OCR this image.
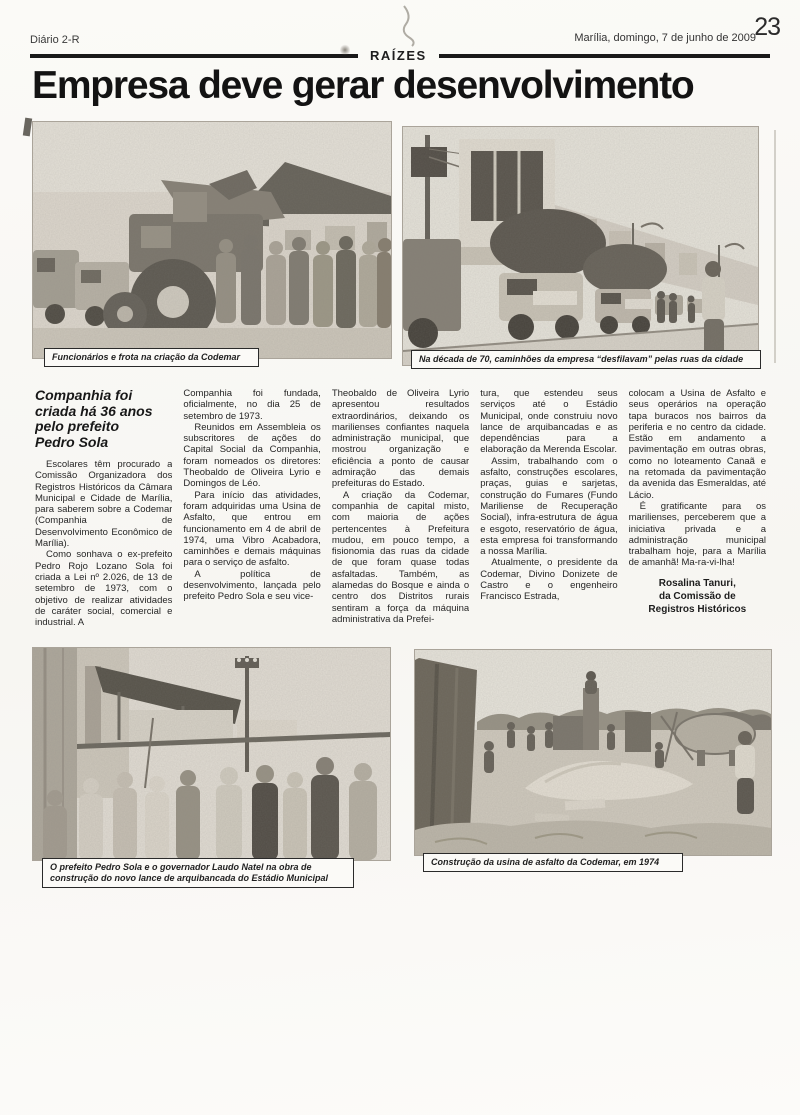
Diário 2-R	Marília, domingo, 7 de junho de 2009
23
RAÍZES
Empresa deve gerar desenvolvimento
Funcionários e frota na criação da Codemar	Na década de 70, caminhões da empresa “desfilavam” pelas ruas da cidade
Companhia foi
criada há 36 anos
pelo prefeito
Pedro Sola

Escolares têm procurado a Comissão Organizadora dos Registros Históricos da Câmara Municipal e Cidade de Marília, para saberem sobre a Codemar (Companhia de Desenvolvimento Econômico de Marília).

Como sonhava o ex-prefeito Pedro Rojo Lozano Sola foi criada a Lei nº 2.026, de 13 de setembro de 1973, com o objetivo de realizar atividades de caráter social, comercial e industrial. A

Companhia foi fundada, oficialmente, no dia 25 de setembro de 1973.

Reunidos em Assembleia os subscritores de ações do Capital Social da Companhia, foram nomeados os diretores: Theobaldo de Oliveira Lyrio e Domingos de Léo.

Para início das atividades, foram adquiridas uma Usina de Asfalto, que entrou em funcionamento em 4 de abril de 1974, uma Vibro Acabadora, caminhões e demais máquinas para o serviço de asfalto.

A política de desenvolvimento, lançada pelo prefeito Pedro Sola e seu vice-

Theobaldo de Oliveira Lyrio apresentou resultados extraordinários, deixando os marilienses confiantes naquela administração municipal, que mostrou organização e eficiência a ponto de causar admiração das demais prefeituras do Estado.

A criação da Codemar, companhia de capital misto, com maioria de ações pertencentes à Prefeitura mudou, em pouco tempo, a fisionomia das ruas da cidade de que foram quase todas asfaltadas. Também, as alamedas do Bosque e ainda o centro dos Distritos rurais sentiram a força da máquina administrativa da Prefei-

tura, que estendeu seus serviços até o Estádio Municipal, onde construiu novo lance de arquibancadas e as dependências para a elaboração da Merenda Escolar.

Assim, trabalhando com o asfalto, construções escolares, praças, guias e sarjetas, construção do Fumares (Fundo Mariliense de Recuperação Social), infra-estrutura de água e esgoto, reservatório de água, esta empresa foi transformando a nossa Marília.

Atualmente, o presidente da Codemar, Divino Donizete de Castro e o engenheiro Francisco Estrada,

colocam a Usina de Asfalto e seus operários na operação tapa buracos nos bairros da periferia e no centro da cidade. Estão em andamento a pavimentação em outras obras, como no loteamento Canaã e na retomada da pavimentação da avenida das Esmeraldas, até Lácio.

É gratificante para os marilienses, perceberem que a iniciativa privada e a administração municipal trabalham hoje, para a Marília de amanhã! Ma-ra-vi-lha!

Rosalina Tanuri,
da Comissão de
Registros Históricos
O prefeito Pedro Sola e o governador Laudo Natel na obra de construção do novo lance de arquibancada do Estádio Municipal
Construção da usina de asfalto da Codemar, em 1974
